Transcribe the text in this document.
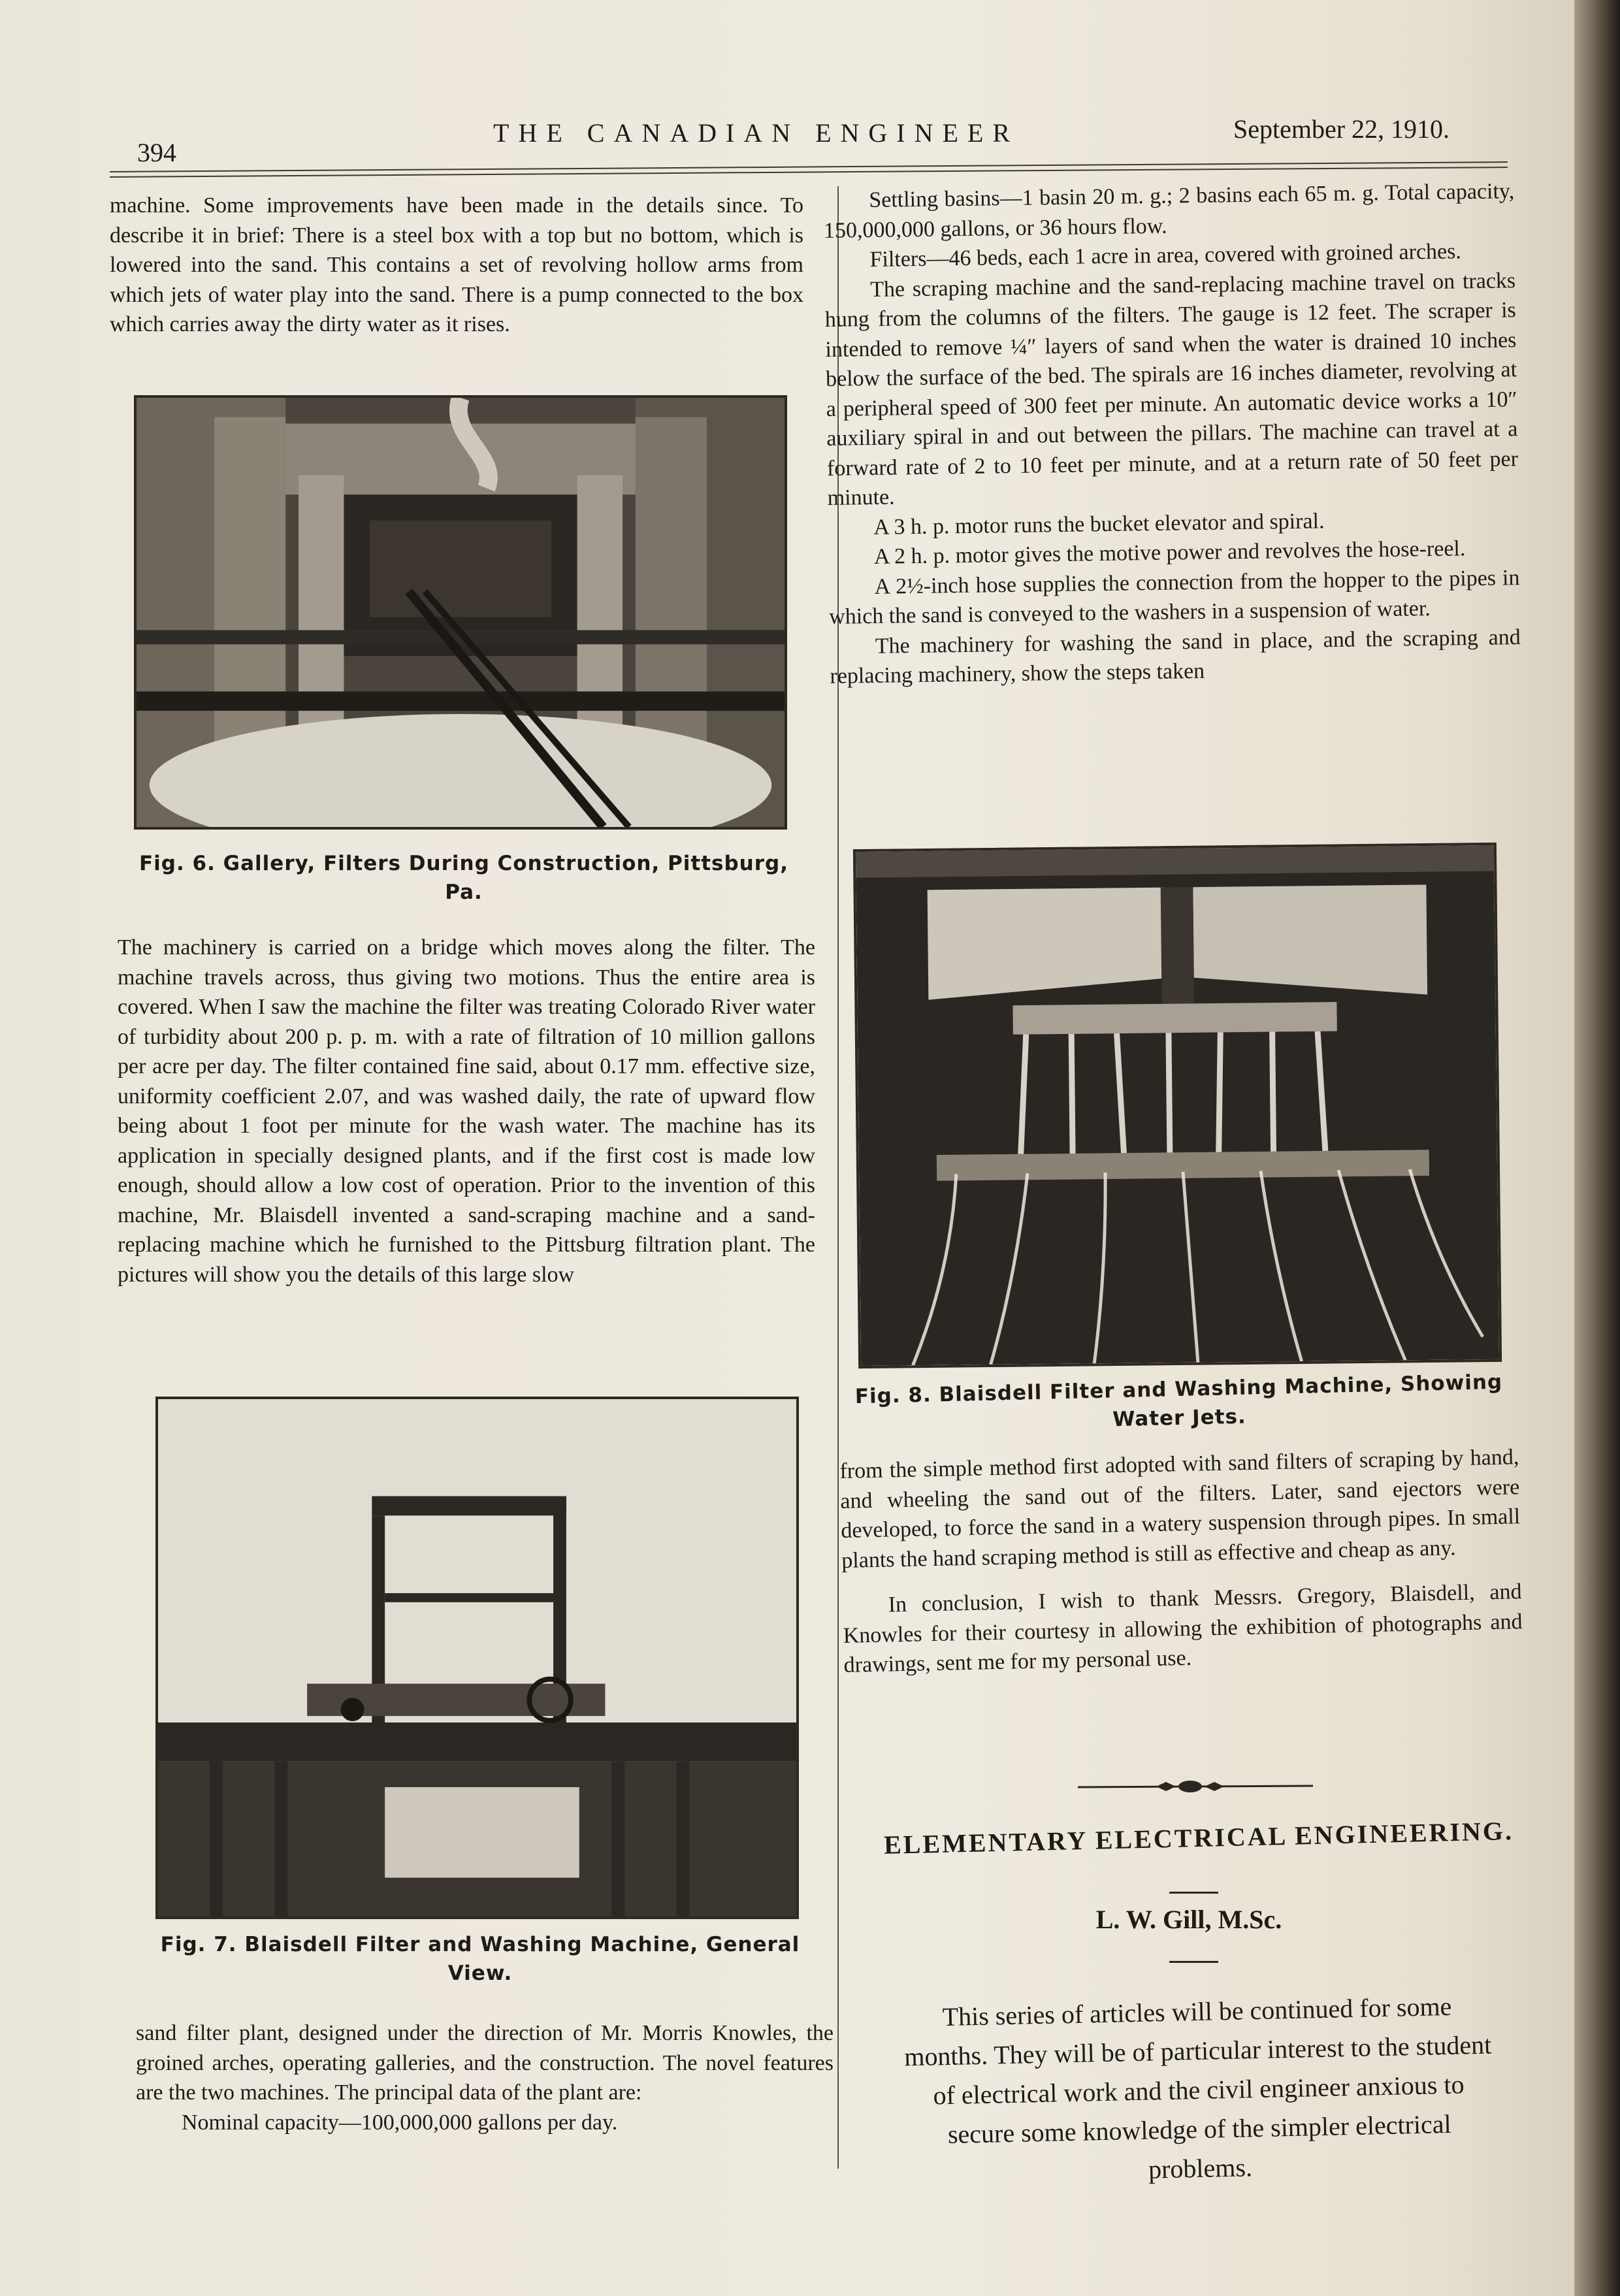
394
THE CANADIAN ENGINEER	September 22, 1910.

machine. Some improvements have been made in the details since. To describe it in brief: There is a steel box with a top but no bottom, which is lowered into the sand. This contains a set of revolving hollow arms from which jets of water play into the sand. There is a pump connected to the box which carries away the dirty water as it rises.

Fig. 6. Gallery, Filters During Construction, Pittsburg, Pa.

The machinery is carried on a bridge which moves along the filter. The machine travels across, thus giving two motions. Thus the entire area is covered. When I saw the machine the filter was treating Colorado River water of turbidity about 200 p. p. m. with a rate of filtration of 10 million gallons per acre per day. The filter contained fine said, about 0.17 mm. effective size, uniformity coefficient 2.07, and was washed daily, the rate of upward flow being about 1 foot per minute for the wash water. The machine has its application in specially designed plants, and if the first cost is made low enough, should allow a low cost of operation. Prior to the invention of this machine, Mr. Blaisdell invented a sand-scraping machine and a sand-replacing machine which he furnished to the Pittsburg filtration plant. The pictures will show you the details of this large slow

Fig. 7. Blaisdell Filter and Washing Machine, General View.

sand filter plant, designed under the direction of Mr. Morris Knowles, the groined arches, operating galleries, and the construction. The novel features are the two machines. The principal data of the plant are:

Nominal capacity—100,000,000 gallons per day.

Settling basins—1 basin 20 m. g.; 2 basins each 65 m. g. Total capacity, 150,000,000 gallons, or 36 hours flow.

Filters—46 beds, each 1 acre in area, covered with groined arches.

The scraping machine and the sand-replacing machine travel on tracks hung from the columns of the filters. The gauge is 12 feet. The scraper is intended to remove ¼″ layers of sand when the water is drained 10 inches below the surface of the bed. The spirals are 16 inches diameter, revolving at a peripheral speed of 300 feet per minute. An automatic device works a 10″ auxiliary spiral in and out between the pillars. The machine can travel at a forward rate of 2 to 10 feet per minute, and at a return rate of 50 feet per minute.

A 3 h. p. motor runs the bucket elevator and spiral.

A 2 h. p. motor gives the motive power and revolves the hose-reel.

A 2½-inch hose supplies the connection from the hopper to the pipes in which the sand is conveyed to the washers in a suspension of water.

The machinery for washing the sand in place, and the scraping and replacing machinery, show the steps taken

Fig. 8. Blaisdell Filter and Washing Machine, Showing Water Jets.

from the simple method first adopted with sand filters of scraping by hand, and wheeling the sand out of the filters. Later, sand ejectors were developed, to force the sand in a watery suspension through pipes. In small plants the hand scraping method is still as effective and cheap as any.

In conclusion, I wish to thank Messrs. Gregory, Blaisdell, and Knowles for their courtesy in allowing the exhibition of photographs and drawings, sent me for my personal use.

ELEMENTARY ELECTRICAL ENGINEERING.
L. W. Gill, M.Sc.

This series of articles will be continued for some months. They will be of particular interest to the student of electrical work and the civil engineer anxious to secure some knowledge of the simpler electrical problems.
